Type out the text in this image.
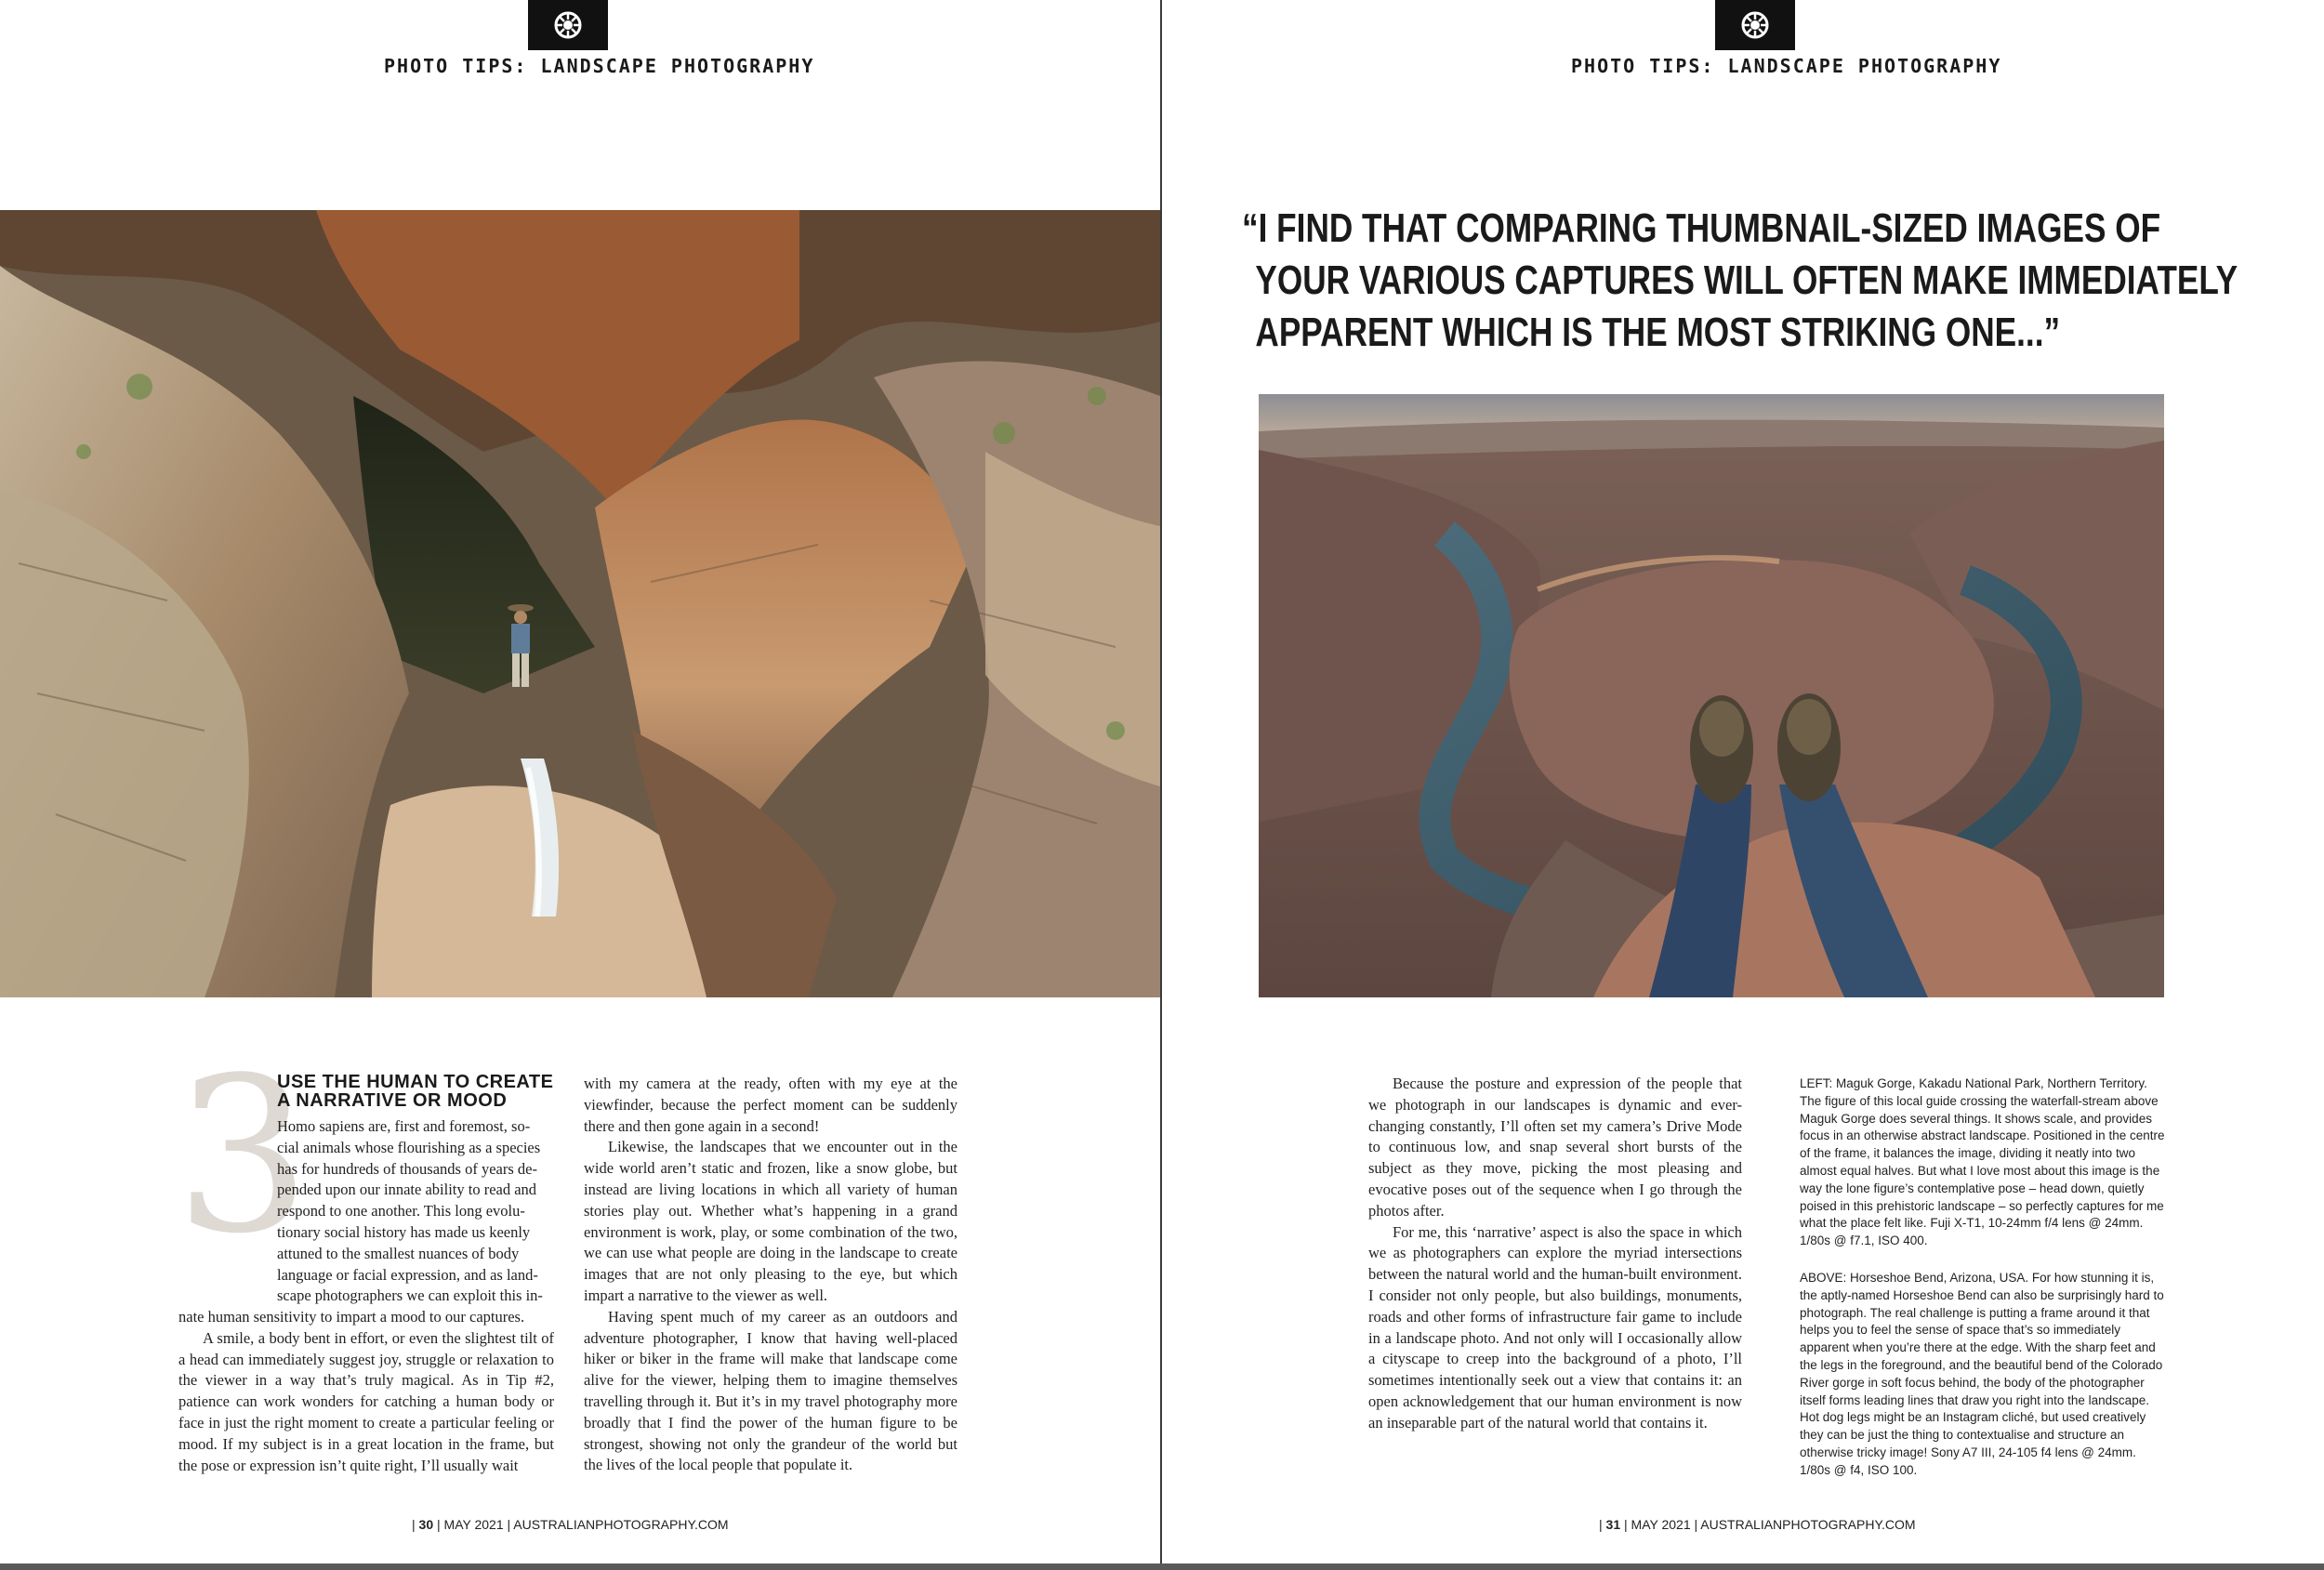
PHOTO TIPS: LANDSCAPE PHOTOGRAPHY
3
USE THE HUMAN TO CREATE
A NARRATIVE OR MOOD
Homo sapiens are, first and foremost, so-
cial animals whose flourishing as a species
has for hundreds of thousands of years de-
pended upon our innate ability to read and
respond to one another. This long evolu-
tionary social history has made us keenly
attuned to the smallest nuances of body
language or facial expression, and as land-
scape photographers we can exploit this in-

nate human sensitivity to impart a mood to our captures.

A smile, a body bent in effort, or even the slightest tilt of a head can immediately suggest joy, struggle or relaxation to the viewer in a way that’s truly magical. As in Tip #2, patience can work wonders for catching a human body or face in just the right moment to create a particular feeling or mood. If my subject is in a great location in the frame, but the pose or expression isn’t quite right, I’ll usually wait

with my camera at the ready, often with my eye at the viewfinder, because the perfect moment can be suddenly there and then gone again in a second!

Likewise, the landscapes that we encounter out in the wide world aren’t static and frozen, like a snow globe, but instead are living locations in which all variety of human stories play out. Whether what’s happening in a grand environment is work, play, or some combination of the two, we can use what people are doing in the landscape to create images that are not only pleasing to the eye, but which impart a narrative to the viewer as well.

Having spent much of my career as an outdoors and adventure photographer, I know that having well-placed hiker or biker in the frame will make that landscape come alive for the viewer, helping them to imagine themselves travelling through it. But it’s in my travel photography more broadly that I find the power of the human figure to be strongest, showing not only the grandeur of the world but the lives of the local people that populate it.

| 30 | MAY 2021 | AUSTRALIANPHOTOGRAPHY.COM
PHOTO TIPS: LANDSCAPE PHOTOGRAPHY
“I FIND THAT COMPARING THUMBNAIL-SIZED IMAGES OF
YOUR VARIOUS CAPTURES WILL OFTEN MAKE IMMEDIATELY
APPARENT WHICH IS THE MOST STRIKING ONE...”

Because the posture and expression of the people that we photograph in our landscapes is dynamic and ever-changing constantly, I’ll often set my camera’s Drive Mode to continuous low, and snap several short bursts of the subject as they move, picking the most pleasing and evocative poses out of the sequence when I go through the photos after.

For me, this ‘narrative’ aspect is also the space in which we as photographers can explore the myriad intersections between the natural world and the human-built environment. I consider not only people, but also buildings, monuments, roads and other forms of infrastructure fair game to include in a landscape photo. And not only will I occasionally allow a cityscape to creep into the background of a photo, I’ll sometimes intentionally seek out a view that contains it: an open acknowledgement that our human environment is now an inseparable part of the natural world that contains it.

LEFT: Maguk Gorge, Kakadu National Park, Northern Territory. The figure of this local guide crossing the waterfall-stream above Maguk Gorge does several things. It shows scale, and provides focus in an otherwise abstract landscape. Positioned in the centre of the frame, it balances the image, dividing it neatly into two almost equal halves. But what I love most about this image is the way the lone figure’s contemplative pose – head down, quietly poised in this prehistoric landscape – so perfectly captures for me what the place felt like. Fuji X-T1, 10-24mm f/4 lens @ 24mm. 1/80s @ f7.1, ISO 400.
ABOVE: Horseshoe Bend, Arizona, USA. For how stunning it is, the aptly-named Horseshoe Bend can also be surprisingly hard to photograph. The real challenge is putting a frame around it that helps you to feel the sense of space that’s so immediately apparent when you’re there at the edge. With the sharp feet and the legs in the foreground, and the beautiful bend of the Colorado River gorge in soft focus behind, the body of the photographer itself forms leading lines that draw you right into the landscape. Hot dog legs might be an Instagram cliché, but used creatively they can be just the thing to contextualise and structure an otherwise tricky image! Sony A7 III, 24-105 f4 lens @ 24mm. 1/80s @ f4, ISO 100.
| 31 | MAY 2021 | AUSTRALIANPHOTOGRAPHY.COM
